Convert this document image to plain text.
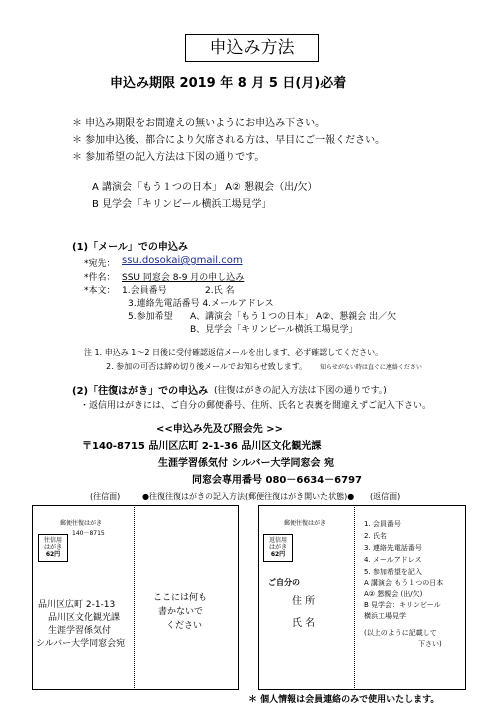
申込み方法
申込み期限 2019 年 8 月 5 日(月)必着
＊ 申込み期限をお間違えの無いようにお申込み下さい。
＊ 参加申込後、都合により欠席される方は、早目にご一報ください。
＊ 参加希望の記入方法は下図の通りです。
A 講演会「もう１つの日本」 A② 懇親会（出/欠）
B 見学会「キリンビール横浜工場見学」
(1)「メール」での申込み
*宛先： ssu.dosokai@gmail.com
*件名： SSU 同窓会 8-9 月の申し込み
*本文： 1.会員番号	2.氏 名
3.連絡先電話番号 4.メールアドレス
5.参加希望 A、講演会「もう１つの日本」 A②、懇親会 出／欠
B、見学会「キリンビール横浜工場見学」
注 1. 申込み 1～2 日後に受付確認返信メールを出します、必ず確認してください。
2. 参加の可否は締め切り後メールでお知らせ致します。 知らせがない時は直ぐに連絡ください
(2)「往復はがき」での申込み (往復はがきの記入方法は下図の通りです。)
・返信用はがきには、ご自分の郵便番号、住所、氏名と表裏を間違えずご記入下さい。
<<申込み先及び照会先 >>
〒140-8715 品川区広町 2-1-36 品川区文化観光課
生涯学習係気付 シルバー大学同窓会 宛
同窓会専用番号 080－6634－6797
(往信面)	●往復往復はがきの記入方法(郵便往復はがき開いた状態)● (返信面)
郵便往復はがき
140－8715
往信用
はがき
62円
品川区広町 2-1-13
品川区文化観光課
生涯学習係気付
シルバー大学同窓会宛
ここには何も
書かないで
ください
郵便往復はがき
返信用
はがき
62円
ご自分の
住 所
氏 名
1. 会員番号
2. 氏名
3. 連絡先電話番号
4. メールアドレス
5. 参加希望を記入
A 講演会 もう１つの日本
A② 懇親会 (出/欠)
B 見学会：キリンビール
横浜工場見学
(以上のように記載して
下さい)
＊ 個人情報は会員連絡のみで使用いたします。
